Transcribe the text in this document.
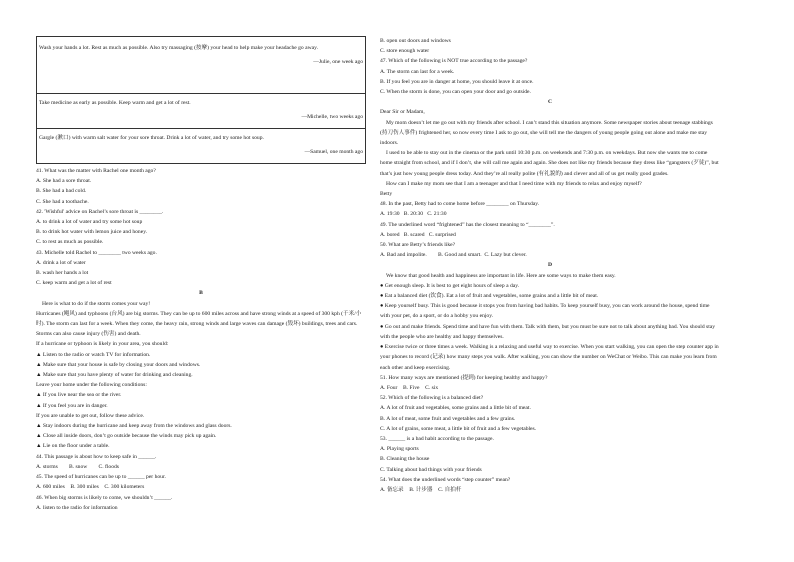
Wash your hands a lot. Rest as much as possible. Also try massaging (按摩) your head to help make your headache go away.
—Julie, one week ago

Take medicine as early as possible. Keep warm and get a lot of rest.
—Michelle, two weeks ago

Gargle (漱口) with warm salt water for your sore throat. Drink a lot of water, and try some hot soup.
—Samuel, one month ago
41. What was the matter with Rachel one month ago?
A. She had a sore throat.
B. She had a bad cold.
C. She had a toothache.
42. 'Wishful' advice on Rachel’s sore throat is ________.
A. to drink a lot of water and try some hot soup
B. to drink hot water with lemon juice and honey.
C. to rest as much as possible.
43. Michelle told Rachel to ________ two weeks ago.
A. drink a lot of water
B. wash her hands a lot
C. keep warm and get a lot of rest
B
Here is what to do if the storm comes your way!
Hurricanes (飓风) and typhoons (台风) are big storms. They can be up to 600 miles across and have strong winds at a speed of 300 kph (千米/小时). The storm can last for a week. When they come, the heavy rain, strong winds and large waves can damage (毁坏) buildings, trees and cars. Storms can also cause injury (伤害) and death.
If a hurricane or typhoon is likely in your area, you should:
▲ Listen to the radio or watch TV for information.
▲ Make sure that your house is safe by closing your doors and windows.
▲ Make sure that you have plenty of water for drinking and cleaning.
Leave your home under the following conditions:
▲ If you live near the sea or the river.
▲ If you feel you are in danger.
If you are unable to get out, follow these advice.
▲ Stay indoors during the hurricane and keep away from the windows and glass doors.
▲ Close all inside doors, don’t go outside because the winds may pick up again.
▲ Lie on the floor under a table.
44. This passage is about how to keep safe in ______.
A. storms        B. snow        C. floods
45. The speed of hurricanes can be up to ______ per hour.
A. 600 miles    B. 300 miles    C. 300 kilometers
46. When big storms is likely to come, we shouldn’t ______.
A. listen to the radio for information
B. open out doors and windows
C. store enough water
47. Which of the following is NOT true according to the passage?
A. The storm can last for a week.
B. If you feel you are in danger at home, you should leave it at once.
C. When the storm is done, you can open your door and go outside.
C
Dear Sir or Madam,
My mom doesn’t let me go out with my friends after school. I can’t stand this situation anymore. Some newspaper stories about teenage stabbings (持刀伤人事件) frightened her, so now every time I ask to go out, she will tell me the dangers of young people going out alone and make me stay indoors.
I used to be able to stay out in the cinema or the park until 10:30 p.m. on weekends and 7:30 p.m. on weekdays. But now she wants me to come home straight from school, and if I don’t, she will call me again and again. She does not like my friends because they dress like “gangsters (歹徒)”, but that’s just how young people dress today. And they’re all really polite (有礼貌的) and clever and all of us get really good grades.
How can I make my mom see that I am a teenager and that I need time with my friends to relax and enjoy myself?
Betty
48. In the past, Betty had to come home before ________ on Thursday.
A. 19:30   B. 20:30   C. 21:30
49. The underlined word “frightened” has the closest meaning to “________”.
A. bored   B. scared   C. surprised
50. What are Betty’s friends like?
A. Bad and impolite.        B. Good and smart.  C. Lazy but clever.
D
We know that good health and happiness are important in life. Here are some ways to make them easy.
● Get enough sleep. It is best to get eight hours of sleep a day.
● Eat a balanced diet (饮食). Eat a lot of fruit and vegetables, some grains and a little bit of meat.
● Keep yourself busy. This is good because it stops you from having bad habits. To keep yourself busy, you can work around the house, spend time with your pet, do a sport, or do a hobby you enjoy.
● Go out and make friends. Spend time and have fun with them. Talk with them, but you must be sure not to talk about anything bad. You should stay with the people who are healthy and happy themselves.
● Exercise twice or three times a week. Walking is a relaxing and useful way to exercise. When you start walking, you can open the step counter app in your phones to record (记录) how many steps you walk. After walking, you can show the number on WeChat or Weibo. This can make you learn from each other and keep exercising.
51. How many ways are mentioned (提到) for keeping healthy and happy?
A. Four    B. Five    C. six
52. Which of the following is a balanced diet?
A. A lot of fruit and vegetables, some grains and a little bit of meat.
B. A lot of meat, some fruit and vegetables and a few grains.
C. A lot of grains, some meat, a little bit of fruit and a few vegetables.
53. ______ is a bad habit according to the passage.
A. Playing sports
B. Cleaning the house
C. Talking about bad things with your friends
54. What does the underlined words “step counter” mean?
A. 备忘录    B. 计步器    C. 自拍杆
